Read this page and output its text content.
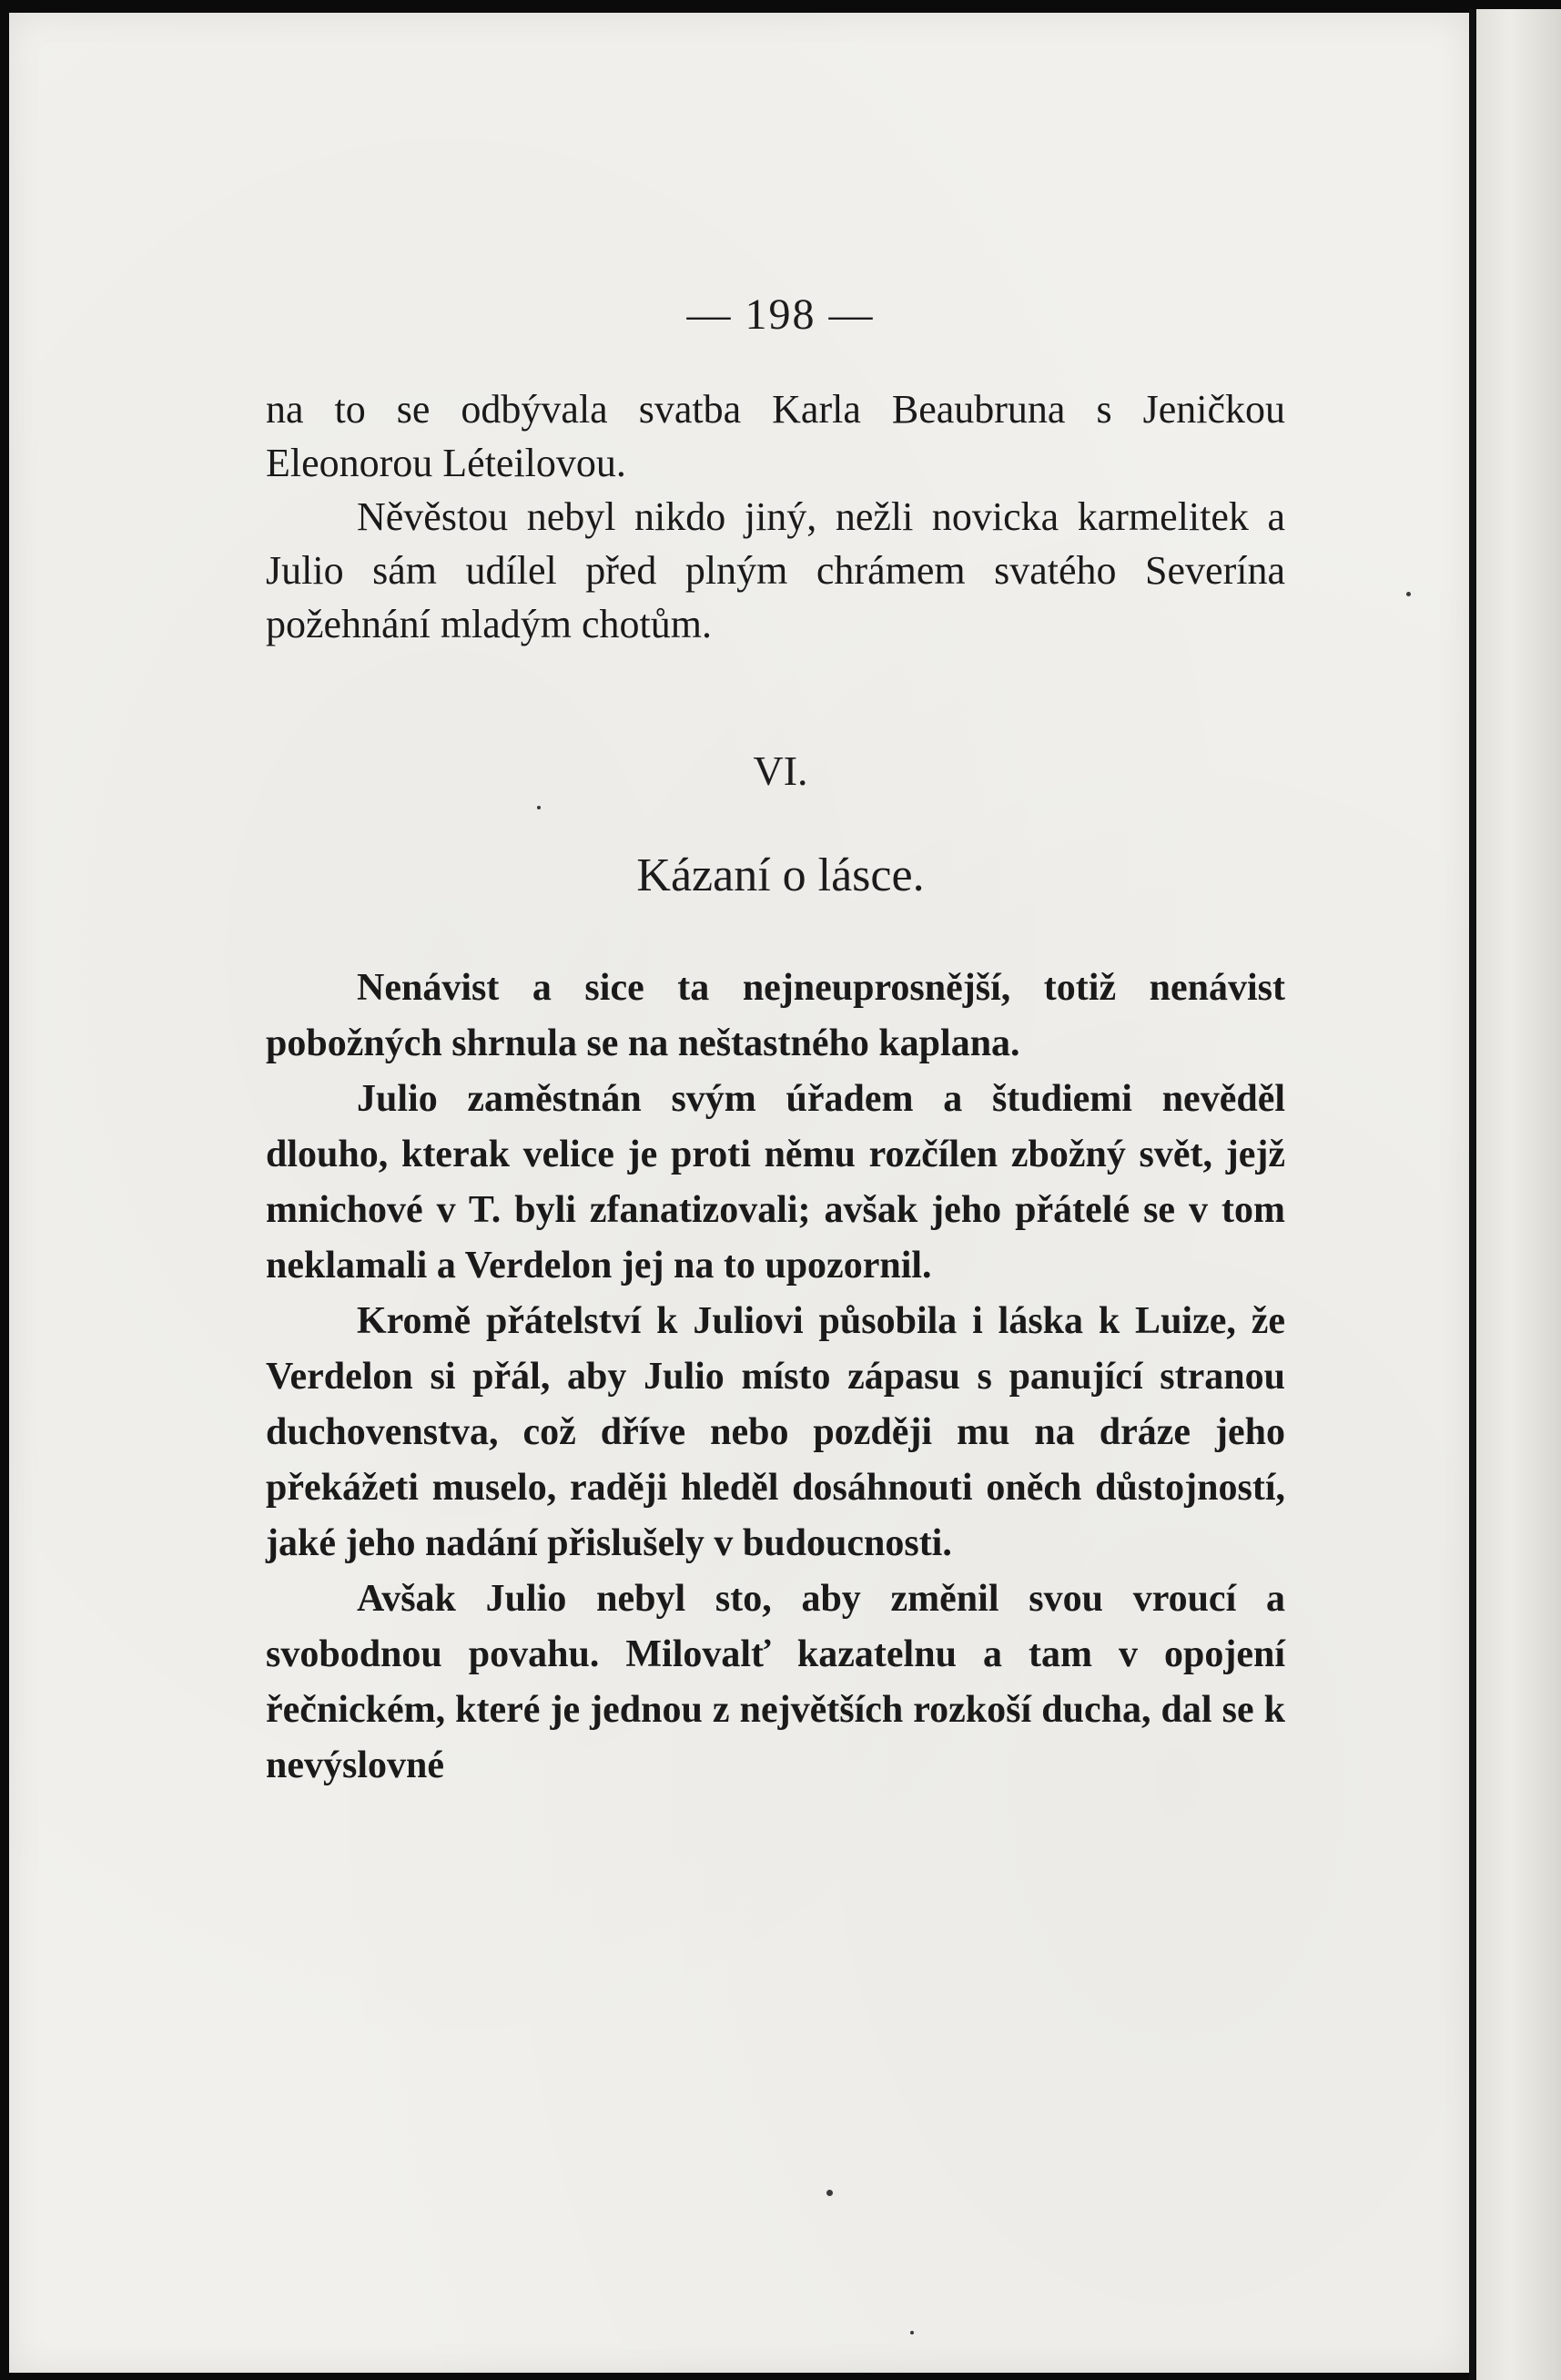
— 198 —

na to se odbývala svatba Karla Beaubruna s Jeničkou Eleonorou Léteilovou.

Něvěstou nebyl nikdo jiný, nežli novicka karmelitek a Julio sám udílel před plným chrámem svatého Severína požehnání mladým chotům.

VI.
Kázaní o lásce.

Nenávist a sice ta nejneuprosnější, totiž nenávist pobožných shrnula se na neštastného kaplana.

Julio zaměstnán svým úřadem a študiemi nevěděl dlouho, kterak velice je proti němu rozčílen zbožný svět, jejž mnichové v T. byli zfanatizovali; avšak jeho přátelé se v tom neklamali a Verdelon jej na to upozornil.

Kromě přátelství k Juliovi působila i láska k Luize, že Verdelon si přál, aby Julio místo zápasu s panující stranou duchovenstva, což dříve nebo později mu na dráze jeho překážeti muselo, raději hleděl dosáhnouti oněch důstojností, jaké jeho nadání přislušely v budoucnosti.

Avšak Julio nebyl sto, aby změnil svou vroucí a svobodnou povahu. Milovalť kazatelnu a tam v opojení řečnickém, které je jednou z největších rozkoší ducha, dal se k nevýslovné
